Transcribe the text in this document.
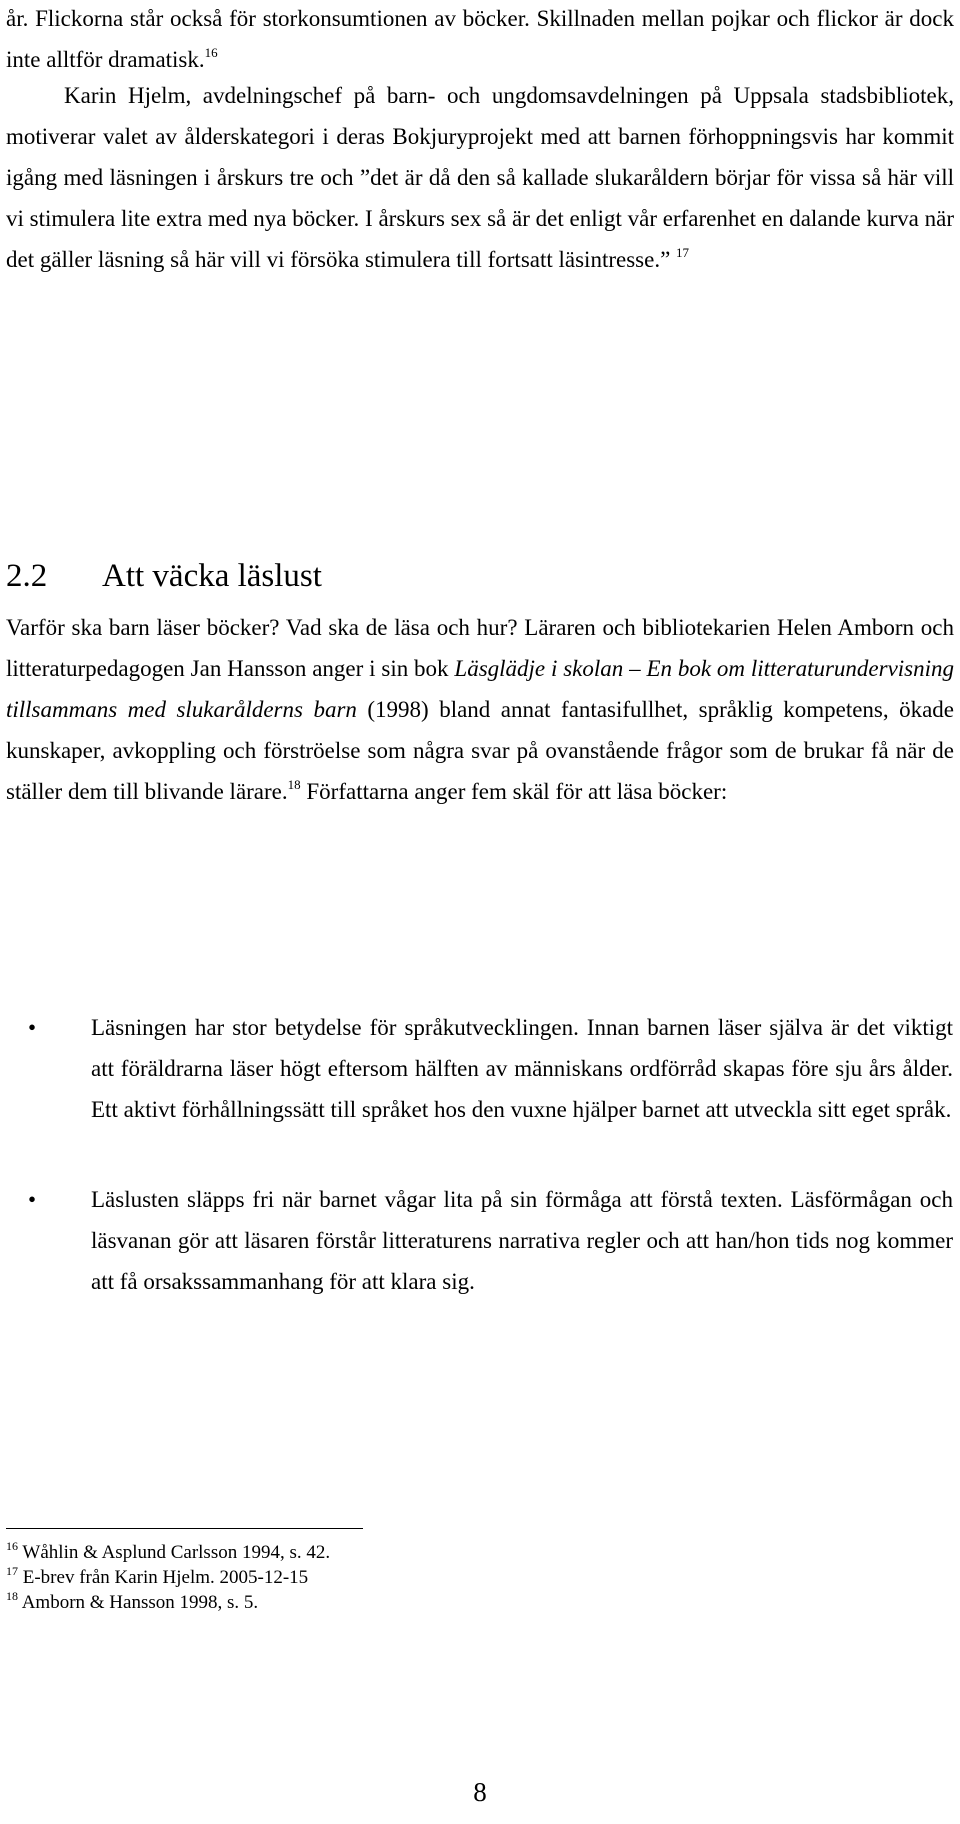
år. Flickorna står också för storkonsumtionen av böcker. Skillnaden mellan pojkar och flickor är dock inte alltför dramatisk.$^{16}$
Karin Hjelm, avdelningschef på barn- och ungdomsavdelningen på Uppsala stadsbibliotek, motiverar valet av ålderskategori i deras Bokjuryprojekt med att barnen förhoppningsvis har kommit igång med läsningen i årskurs tre och ”det är då den så kallade slukaråldern börjar för vissa så här vill vi stimulera lite extra med nya böcker. I årskurs sex så är det enligt vår erfarenhet en dalande kurva när det gäller läsning så här vill vi försöka stimulera till fortsatt läsintresse.” $^{17}$
2.2 Att väcka läslust
Varför ska barn läser böcker? Vad ska de läsa och hur? Läraren och bibliotekarien Helen Amborn och litteraturpedagogen Jan Hansson anger i sin bok Läsglädje i skolan – En bok om litteraturundervisning tillsammans med slukarålderns barn (1998) bland annat fantasifullhet, språklig kompetens, ökade kunskaper, avkoppling och förströelse som några svar på ovanstående frågor som de brukar få när de ställer dem till blivande lärare.$^{18}$ Författarna anger fem skäl för att läsa böcker:
• Läsningen har stor betydelse för språkutvecklingen. Innan barnen läser själva är det viktigt att föräldrarna läser högt eftersom hälften av människans ordförråd skapas före sju års ålder. Ett aktivt förhållningssätt till språket hos den vuxne hjälper barnet att utveckla sitt eget språk.
• Läslusten släpps fri när barnet vågar lita på sin förmåga att förstå texten. Läsförmågan och läsvanan gör att läsaren förstår litteraturens narrativa regler och att han/hon tids nog kommer att få orsakssammanhang för att klara sig.
$^{16}$ Wåhlin & Asplund Carlsson 1994, s. 42.
$^{17}$ E-brev från Karin Hjelm. 2005-12-15
$^{18}$ Amborn & Hansson 1998, s. 5.
8
